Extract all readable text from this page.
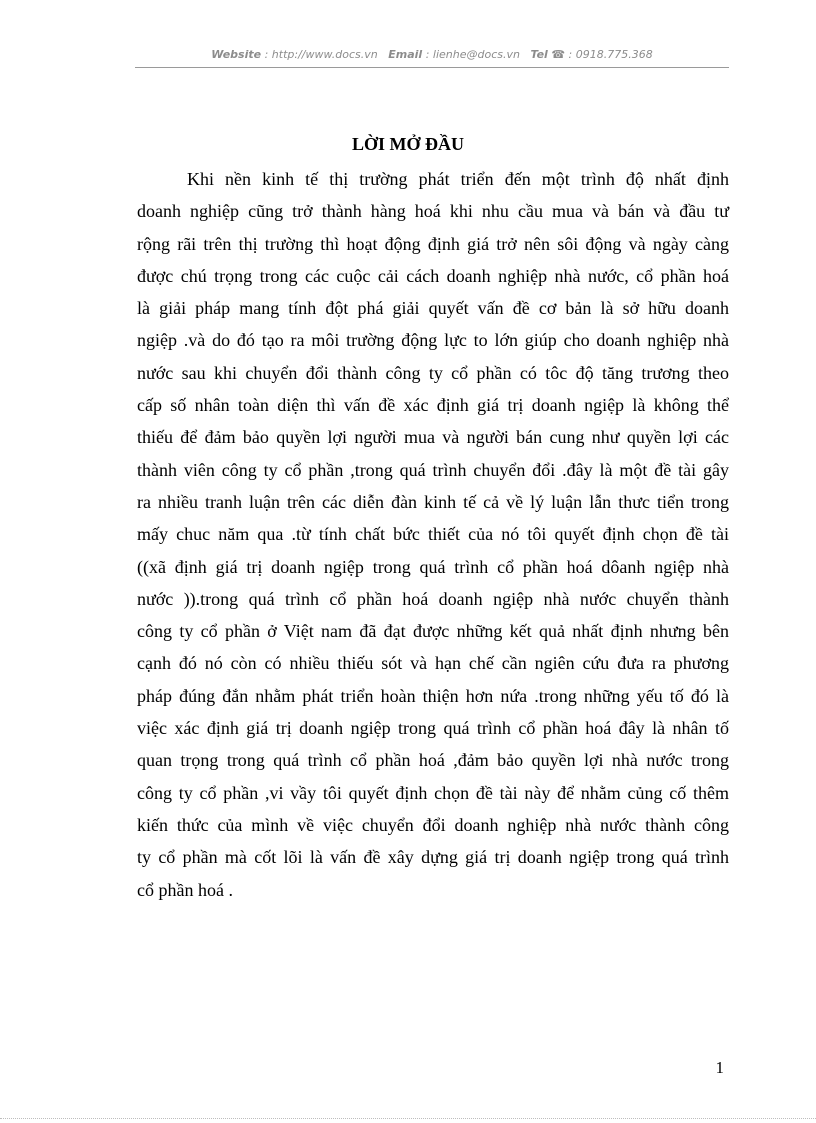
Website : http://www.docs.vn Email : lienhe@docs.vn Tel ☎ : 0918.775.368
LỜI MỞ ĐẦU

Khi nền kinh tế thị trường phát triển đến một trình độ nhất định
doanh nghiệp cũng trở thành hàng hoá khi nhu cầu mua và bán và đầu tư
rộng rãi trên thị trường thì hoạt động định giá trở nên sôi động và ngày càng
được chú trọng trong các cuộc cải cách doanh nghiệp nhà nước, cổ phần hoá
là giải pháp mang tính đột phá giải quyết vấn đề cơ bản là sở hữu doanh
ngiệp .và do đó tạo ra môi trường động lực to lớn giúp cho doanh nghiệp nhà
nước sau khi chuyển đổi thành công ty cổ phần có tôc độ tăng trương theo
cấp số nhân toàn diện thì vấn đề xác định giá trị doanh ngiệp là không thể
thiếu để đảm bảo quyền lợi người mua và người bán cung như quyền lợi các
thành viên công ty cổ phần ,trong quá trình chuyển đổi .đây là một đề tài gây
ra nhiều tranh luận trên các diễn đàn kinh tế cả về lý luận lẫn thưc tiển trong
mấy chuc năm qua .từ tính chất bức thiết của nó tôi quyết định chọn đề tài
((xã định giá trị doanh ngiệp trong quá trình cổ phần hoá dôanh ngiệp nhà
nước )).trong quá trình cổ phần hoá doanh ngiệp nhà nước chuyển thành
công ty cổ phần ở Việt nam đã đạt được những kết quả nhất định nhưng bên
cạnh đó nó còn có nhiều thiếu sót và hạn chế cần ngiên cứu đưa ra phương
pháp đúng đắn nhằm phát triển hoàn thiện hơn nứa .trong những yếu tố đó là
việc xác định giá trị doanh ngiệp trong quá trình cổ phần hoá đây là nhân tố
quan trọng trong quá trình cổ phần hoá ,đảm bảo quyền lợi nhà nước trong
công ty cổ phần ,vi vầy tôi quyết định chọn đề tài này để nhằm củng cố thêm
kiến thức của mình về việc chuyển đổi doanh nghiệp nhà nước thành công
ty cổ phần mà cốt lõi là vấn đề xây dựng giá trị doanh ngiệp trong quá trình
cổ phần hoá .

1
